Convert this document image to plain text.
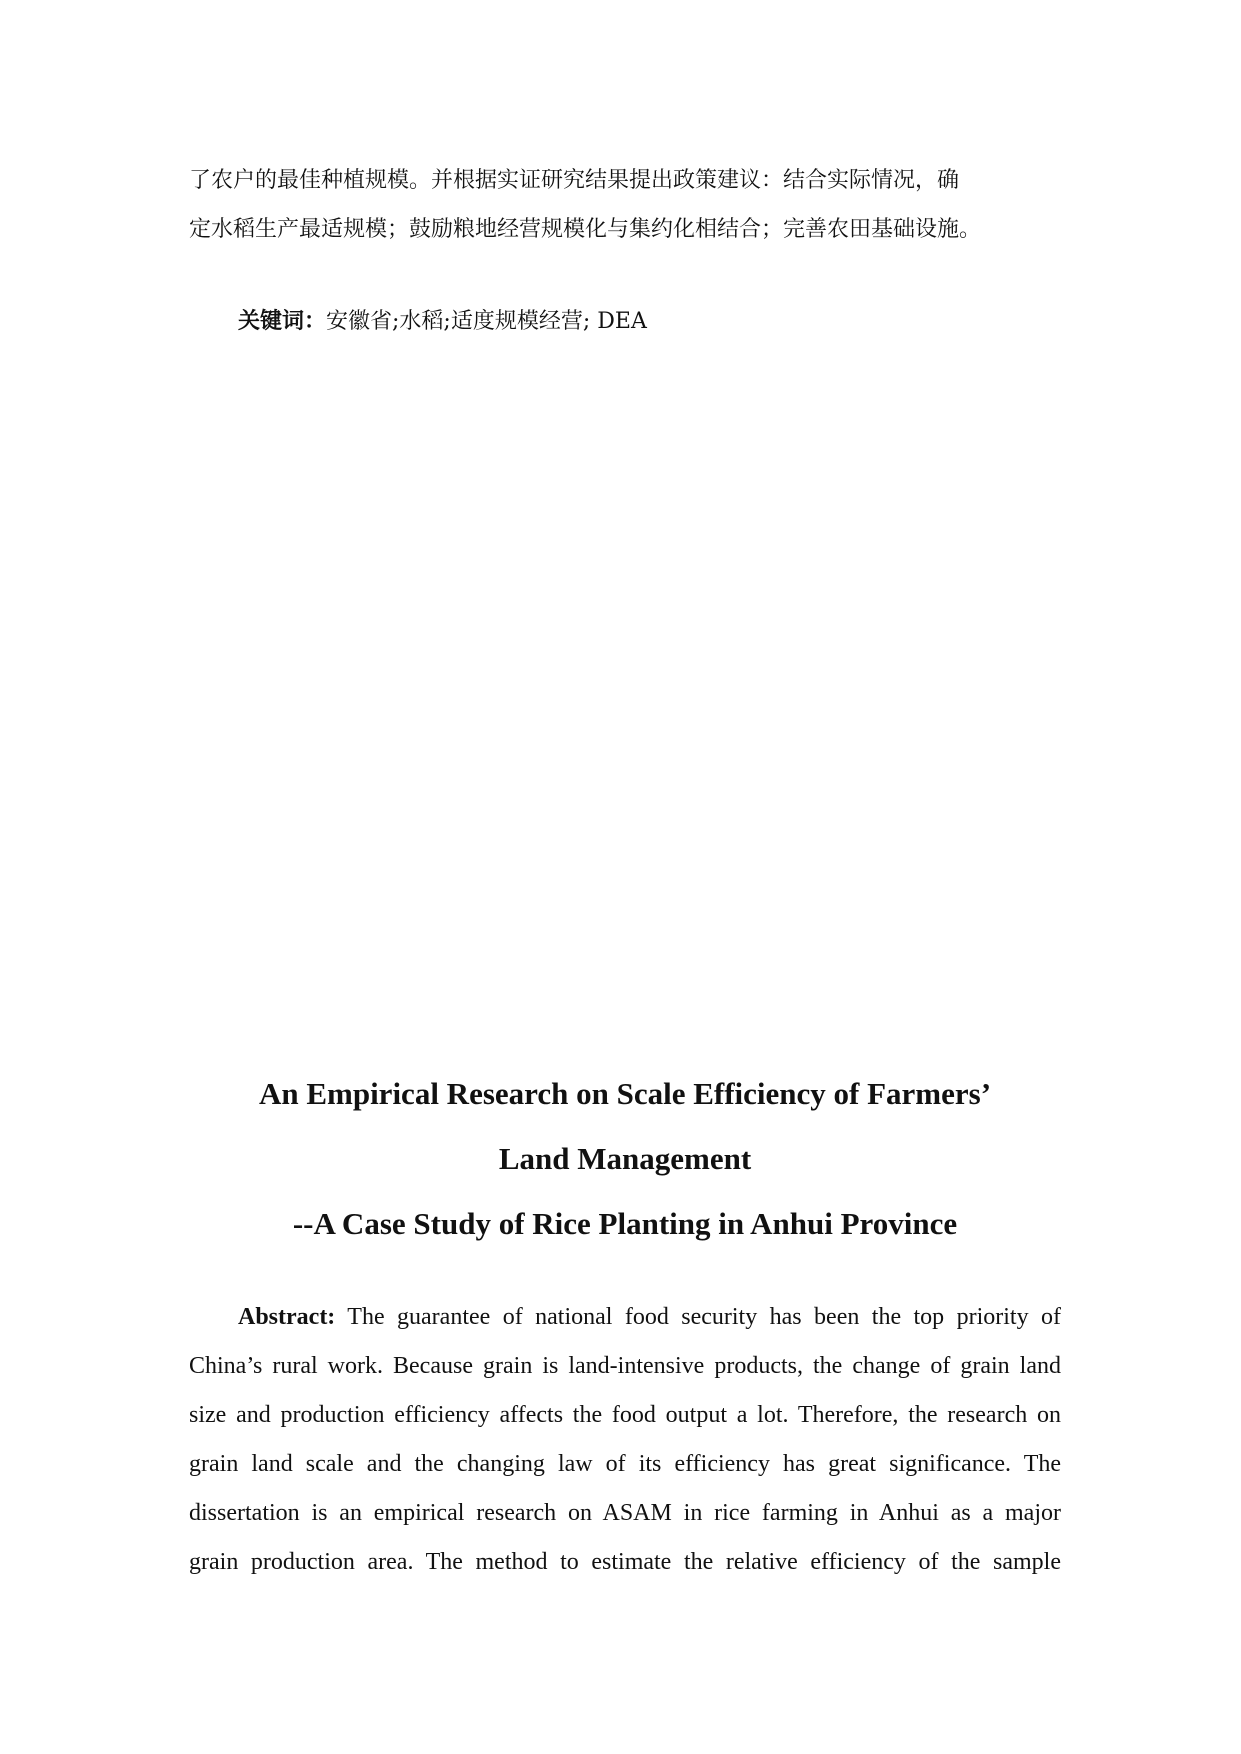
了农户的最佳种植规模。并根据实证研究结果提出政策建议：结合实际情况，确
定水稻生产最适规模；鼓励粮地经营规模化与集约化相结合；完善农田基础设施。

关键词：安徽省;水稻;适度规模经营; DEA

An Empirical Research on Scale Efficiency of Farmers’
Land Management
--A Case Study of Rice Planting in Anhui Province

Abstract: The guarantee of national food security has been the top priority of
China’s rural work. Because grain is land-intensive products, the change of grain land
size and production efficiency affects the food output a lot. Therefore, the research on
grain land scale and the changing law of its efficiency has great significance. The
dissertation is an empirical research on ASAM in rice farming in Anhui as a major
grain production area. The method to estimate the relative efficiency of the sample
